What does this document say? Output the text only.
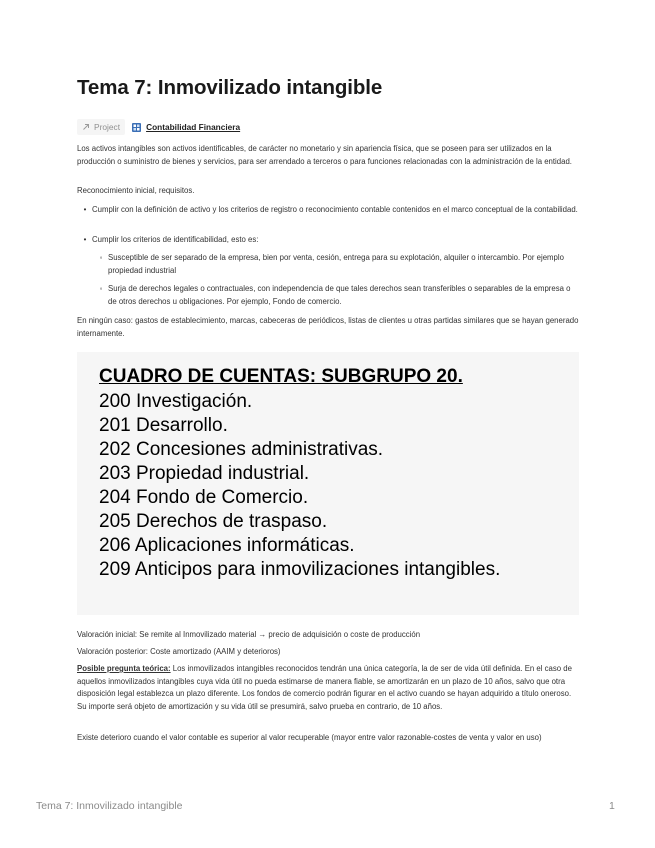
Tema 7: Inmovilizado intangible
Project	Contabilidad Financiera

Los activos intangibles son activos identificables, de carácter no monetario y sin apariencia física, que se poseen para ser utilizados en la producción o suministro de bienes y servicios, para ser arrendado a terceros o para funciones relacionadas con la administración de la entidad.

Reconocimiento inicial, requisitos.

• Cumplir con la definición de activo y los criterios de registro o reconocimiento contable contenidos en el marco conceptual de la contabilidad.
• Cumplir los criterios de identificabilidad, esto es:
◦ Susceptible de ser separado de la empresa, bien por venta, cesión, entrega para su explotación, alquiler o intercambio. Por ejemplo propiedad industrial
◦ Surja de derechos legales o contractuales, con independencia de que tales derechos sean transferibles o separables de la empresa o de otros derechos u obligaciones. Por ejemplo, Fondo de comercio.

En ningún caso: gastos de establecimiento, marcas, cabeceras de periódicos, listas de clientes u otras partidas similares que se hayan generado internamente.

CUADRO DE CUENTAS: SUBGRUPO 20.
200 Investigación.
201 Desarrollo.
202 Concesiones administrativas.
203 Propiedad industrial.
204 Fondo de Comercio.
205 Derechos de traspaso.
206 Aplicaciones informáticas.
209 Anticipos para inmovilizaciones intangibles.

Valoración inicial: Se remite al Inmovilizado material → precio de adquisición o coste de producción

Valoración posterior: Coste amortizado (AAIM y deterioros)

Posible pregunta teórica: Los inmovilizados intangibles reconocidos tendrán una única categoría, la de ser de vida útil definida. En el caso de aquellos inmovilizados intangibles cuya vida útil no pueda estimarse de manera fiable, se amortizarán en un plazo de 10 años, salvo que otra disposición legal establezca un plazo diferente. Los fondos de comercio podrán figurar en el activo cuando se hayan adquirido a título oneroso. Su importe será objeto de amortización y su vida útil se presumirá, salvo prueba en contrario, de 10 años.

Existe deterioro cuando el valor contable es superior al valor recuperable (mayor entre valor razonable-costes de venta y valor en uso)

Tema 7: Inmovilizado intangible	1
